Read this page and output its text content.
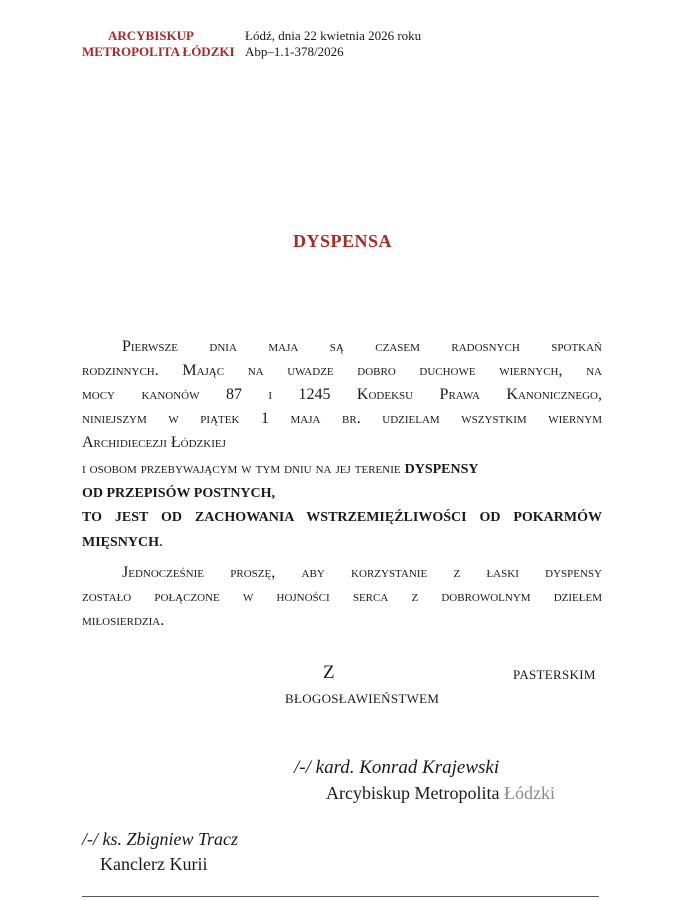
ARCYBISKUP
METROPOLITA ŁÓDZKI
Łódź, dnia 22 kwietnia 2026 roku
Abp–1.1-378/2026
DYSPENSA
Pierwsze dnia maja są czasem radosnych spotkań
rodzinnych. Mając na uwadze dobro duchowe wiernych, na
mocy kanonów 87 i 1245 Kodeksu Prawa Kanonicznego,
niniejszym w piątek 1 maja br. udzielam wszystkim wiernym
Archidiecezji Łódzkiej
i osobom przebywającym w tym dniu na jej terenie DYSPENSY
OD PRZEPISÓW POSTNYCH,
TO JEST OD ZACHOWANIA WSTRZEMIĘŹLIWOŚCI OD POKARMÓW
MIĘSNYCH.
Jednocześnie proszę, aby korzystanie z łaski dyspensy
zostało połączone w hojności serca z dobrowolnym dziełem
miłosierdzia.
Z	PASTERSKIM
BŁOGOSŁAWIEŃSTWEM
/-/ kard. Konrad Krajewski
Arcybiskup Metropolita Łódzki
/-/ ks. Zbigniew Tracz
Kanclerz Kurii
